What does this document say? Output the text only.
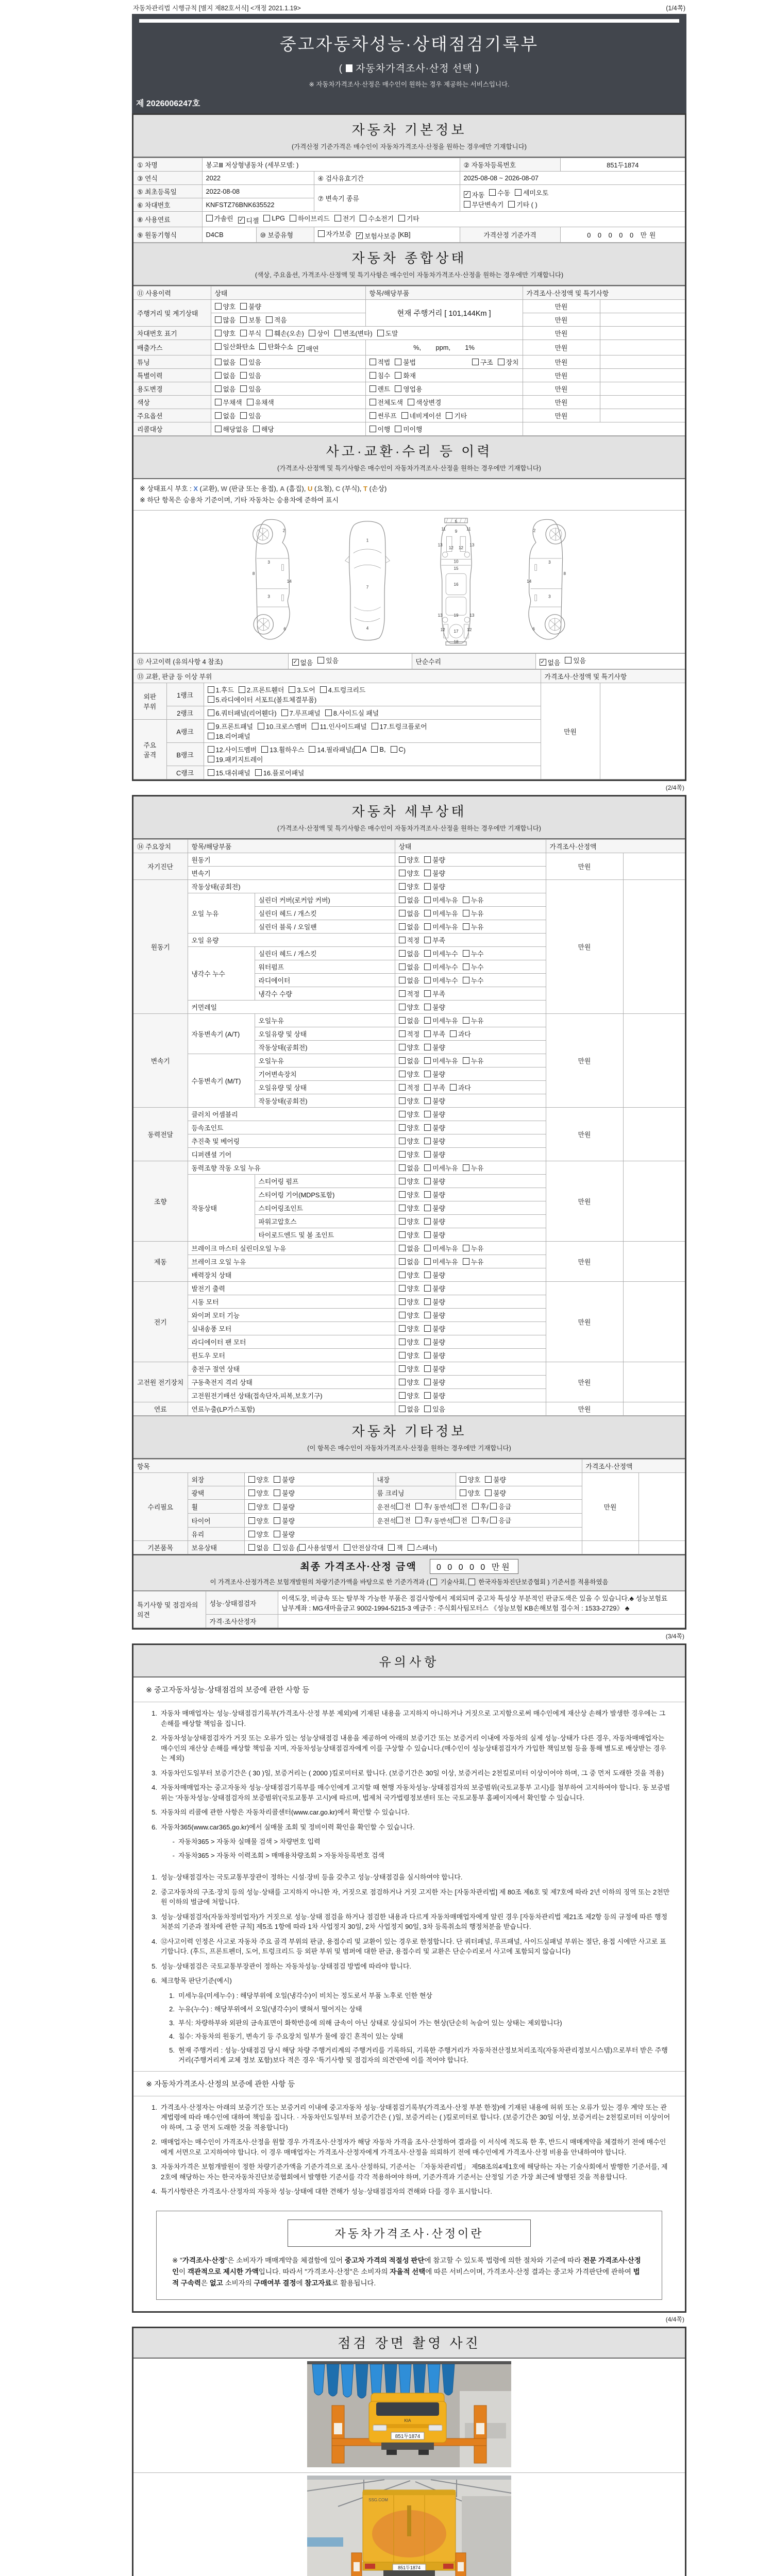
자동차관리법 시행규칙 [별지 제82호서식] <개정 2021.1.19>	(1/4쪽)
중고자동차성능·상태점검기록부
( 자동차가격조사·산정 선택 )
※ 자동차가격조사·산정은 매수인이 원하는 경우 제공하는 서비스입니다.
제 2026006247호
자동차 기본정보
(가격산정 기준가격은 매수인이 자동차가격조사·산정을 원하는 경우에만 기재합니다)
① 차명	봉고Ⅲ 저상형냉동차 (세부모델: )			② 자동차등록번호	851두1874
③ 연식	2022		④ 검사유효기간	2025-08-08 ~ 2026-08-07	
⑤ 최초등록일	2022-08-08	⑦ 변속기 종류	
✓ 자동 수동 세미오토

무단변속기 기타 ( )

⑥ 차대번호	KNFSTZ76BNK635522				
⑧ 사용연료	가솔린 ✓ 디젤 LPG 하이브리드 전기 수소전기 기타

⑨ 원동기형식	D4CB	⑩ 보증유형	자가보증 ✓ 보험사보증 [KB]	가격산정 기준가격	0 0 0 0 0 만원
자동차 종합상태
(색상, 주요옵션, 가격조사·산정액 및 특기사항은 매수인이 자동차가격조사·산정을 원하는 경우에만 기재합니다)
⑪ 사용이력	상태	항목/해당부품	가격조사·산정액 및 특기사항	
주행거리 및 계기상태	양호 불량	현재 주행거리 [ 101,144Km ]	만원	

	많음 보통 적음		만원	
차대번호 표기	양호 부식 훼손(오손) 상이 변조(변타) 도말	만원	
배출가스	일산화탄소 탄화수소 ✓ 매연	%,        ppm,        1%	만원	
튜닝	없음 있음	적법 불법 구조 장치	만원	
특별이력	없음 있음	침수 화재	만원	
용도변경	없음 있음	렌트 영업용	만원	
색상	무채색 유채색	전체도색 색상변경	만원	
주요옵션	없음 있음	썬루프 네비게이션 기타	만원	
리콜대상	해당없음 해당	이행 미이행		

사고·교환·수리 등 이력
(가격조사·산정액 및 특기사항은 매수인이 자동차가격조사·산정을 원하는 경우에만 기재합니다)
※ 상태표시 부호 : X (교환), W (판금 또는 용접), A (흠집), U (요철), C (부식), T (손상)
※ 하단 항목은 승용차 기준이며, 기타 자동차는 승용차에 준하여 표시
2
8
3
14
3
6
1
7
4
5
9
11	11
13	13
12 12
10
15
16
13 19 13
12 17 12
18
2
8
3
14
3
6
⑫ 사고이력 (유의사항 4 참조)	✓ 없음 있음	단순수리	✓ 없음 있음
⑬ 교환, 판금 등 이상 부위			가격조사·산정액 및 특기사항	
외판 부위	1랭크	1.후드 2.프론트휀더 3.도어 4.트렁크리드

5.라디에이터 서포트(볼트체결부품)	만원	
	2랭크	6.쿼터패널(리어휀다) 7.루프패널 8.사이드실 패널		

주요 골격	A랭크	9.프론트패널 10.크로스멤버 11.인사이드패널 17.트렁크플로어

18.리어패널		

B랭크	
12.사이드멤버 13.휠하우스 14.필라패널 ( A B, C )

19.패키지트레이

	C랭크	15.대쉬패널 16.플로어패널		
(2/4쪽)
자동차 세부상태
(가격조사·산정액 및 특기사항은 매수인이 자동차가격조사·산정을 원하는 경우에만 기재합니다)
⑭ 주요장치	항목/해당부품		상태	가격조사·산정액	
자기진단	원동기		양호 불량	만원	
	변속기		양호 불량		

원동기	작동상태(공회전)		양호 불량	만원	
	오일 누유	실린더 커버(로커암 커버)	없음 미세누유 누유		

		실린더 헤드 / 개스킷	없음 미세누유 누유		

		실린더 블록 / 오일팬	없음 미세누유 누유		

	오일 유량		적정 부족		

	냉각수 누수	실린더 헤드 / 개스킷	없음 미세누수 누수		

		워터펌프	없음 미세누수 누수		

		라디에이터	없음 미세누수 누수		

		냉각수 수량	적정 부족		

	커먼레일		양호 불량		

변속기	자동변속기 (A/T)	오일누유	없음 미세누유 누유	만원	
		오일유량 및 상태	적정 부족 과다		

		작동상태(공회전)	양호 불량		

	수동변속기 (M/T)	오일누유	없음 미세누유 누유		

		기어변속장치	양호 불량		

		오일유량 및 상태	적정 부족 과다		

		작동상태(공회전)	양호 불량		

동력전달	클러치 어셈블리		양호 불량	만원	
	등속조인트		양호 불량		

	추진축 및 베어링		양호 불량		

	디퍼렌셜 기어		양호 불량		

조향	동력조향 작동 오일 누유		없음 미세누유 누유	만원	
	작동상태	스티어링 펌프	양호 불량		

		스티어링 기어(MDPS포함)	양호 불량		

		스티어링조인트	양호 불량		

		파워고압호스	양호 불량		

		타이로드엔드 및 볼 조인트	양호 불량		

제동	브레이크 마스터 실린더오일 누유		없음 미세누유 누유	만원	
	브레이크 오일 누유		없음 미세누유 누유		

	배력장치 상태		양호 불량		

전기	발전기 출력		양호 불량	만원	
	시동 모터		양호 불량		

	와이퍼 모터 기능		양호 불량		

	실내송풍 모터		양호 불량		

	라디에이터 팬 모터		양호 불량		

	윈도우 모터		양호 불량		

고전원 전기장치	충전구 절연 상태		양호 불량	만원	
	구동축전지 격리 상태		양호 불량		

	고전원전기배선 상태(접속단자,피복,보호기구)		양호 불량		

연료	연료누출(LP가스포함)		없음 있음	만원	
자동차 기타정보
(이 항목은 매수인이 자동차가격조사·산정을 원하는 경우에만 기재합니다)
항목					가격조사·산정액	
수리필요	외장	양호 불량	내장	양호 불량	만원	
	광택	양호 불량	룸 크리닝	양호 불량		

휠	양호 불량	운전석 전 후 / 동반석 전 후 / 응급

타이어	양호 불량	운전석 전 후 / 동반석 전 후 / 응급

	유리	양호 불량				

기본품목	보유상태	없음 있음 ( 사용설명서 안전삼각대 잭 스패너 )		
최종 가격조사·산정 금액 0 0 0 0 0 만원
이 가격조사·산정가격은 보험개발원의 차량기준가액을 바탕으로 한 기준가격과 ( 기술사회, 한국자동차진단보증협회 ) 기준서를 적용하였음
특기사항 및 점검자의 의견	성능·상태점검자	이색도장, 비금속 또는 탈부착 가능한 부품은 점검사항에서 제외되며 중고차 특성상 부분적인 판금도색은 있을 수 있습니다.♣ 성능보험료 납부계좌 : MG새마을금고 9002-1994-5215-3 예금주 : 주식회사팀모터스 《성능보험 KB손해보험 접수처 : 1533-2729》 ♣
	가격·조사산정자	
(3/4쪽)
유의사항
※ 중고자동차성능·상태점검의 보증에 관한 사항 등
1. 자동차 매매업자는 성능·상태점검기록부(가격조사·산정 부분 제외)에 기재된 내용을 고지하지 아니하거나 거짓으로 고지함으로써 매수인에게 재산상 손해가 발생한 경우에는 그 손해를 배상할 책임을 집니다.
2. 자동차성능상태점검자가 거짓 또는 오류가 있는 성능상태점검 내용을 제공하여 아래의 보증기간 또는 보증거리 이내에 자동차의 실제 성능·상태가 다른 경우, 자동차매매업자는 매수인의 재산상 손해를 배상할 책임을 지며, 자동차성능상태점검자에게 이를 구상할 수 있습니다.(매수인이 성능상태점검자가 가입한 책임보험 등을 통해 별도로 배상받는 경우는 제외)
3. 자동차인도일부터 보증기간은 ( 30 )일, 보증거리는 ( 2000 )킬로미터로 합니다. (보증기간은 30일 이상, 보증거리는 2천킬로미터 이상이어야 하며, 그 중 먼저 도래한 것을 적용)
4. 자동차매매업자는 중고자동차 성능·상태점검기록부를 매수인에게 고지할 때 현행 자동차성능·상태점검자의 보증범위(국토교통부 고시)를 첨부하여 고지하여야 합니다. 동 보증범위는 '자동차성능·상태점검자의 보증범위'(국토교통부 고시)에 따르며, 법제처 국가법령정보센터 또는 국토교통부 홈페이지에서 확인할 수 있습니다.
5. 자동차의 리콜에 관한 사항은 자동차리콜센터(www.car.go.kr)에서 확인할 수 있습니다.
6. 자동차365(www.car365.go.kr)에서 실매물 조회 및 정비이력 확인을 확인할 수 있습니다.
- 자동차365 > 자동차 실매물 검색 > 차량번호 입력
- 자동차365 > 자동차 이력조회 > 매매용차량조회 > 자동차등록번호 검색
1. 성능·상태점검자는 국토교통부장관이 정하는 시설·장비 등을 갖추고 성능·상태점검을 실시하여야 합니다.
2. 중고자동차의 구조·장치 등의 성능·상태를 고지하지 아니한 자, 거짓으로 점검하거나 거짓 고지한 자는 [자동차관리법] 제 80조 제6호 및 제7호에 따라 2년 이하의 징역 또는 2천만원 이하의 벌금에 처합니다.
3. 성능·상태점검자(자동차정비업자)가 거짓으로 성능·상태 점검을 하거나 점검한 내용과 다르게 자동차매매업자에게 알린 경우 [자동차관리법 제21조 제2항 등의 규정에 따른 행정처분의 기준과 절차에 관한 규칙] 제5조 1항에 따라 1차 사업정지 30일, 2차 사업정지 90일, 3차 등록취소의 행정처분을 받습니다.
4. ⑫사고이력 인정은 사고로 자동차 주요 골격 부위의 판금, 용접수리 및 교환이 있는 경우로 한정합니다. 단 쿼터패널, 루프패널, 사이드실패널 부위는 절단, 용접 시에만 사고로 표기합니다. (후드, 프론트펜더, 도어, 트렁크리드 등 외판 부위 및 범퍼에 대한 판금, 용접수리 및 교환은 단순수리로서 사고에 포함되지 않습니다)
5. 성능·상태점검은 국토교통부장관이 정하는 자동차성능·상태점검 방법에 따라야 합니다.
6. 체크항목 판단기준(예시)
1. 미세누유(미세누수) : 해당부위에 오일(냉각수)이 비치는 정도로서 부품 노후로 인한 현상
2. 누유(누수) : 해당부위에서 오일(냉각수)이 맺혀서 떨어지는 상태
3. 부식: 차량하부와 외판의 금속표면이 화학반응에 의해 금속이 아닌 상태로 상실되어 가는 현상(단순히 녹슬어 있는 상태는 제외합니다)
4. 침수: 자동차의 원동기, 변속기 등 주요장치 일부가 물에 잠긴 흔적이 있는 상태
5. 현재 주행거리 : 성능·상태점검 당시 해당 차량 주행거리계의 주행거리를 기록하되, 기록한 주행거리가 자동차전산정보처리조직(자동차관리정보시스템)으로부터 받은 주행거리(주행거리계 교체 정보 포함)보다 적은 경우 '특기사항 및 점검자의 의견'란에 이를 적어야 합니다.
※ 자동차가격조사·산정의 보증에 관한 사항 등
1. 가격조사·산정자는 아래의 보증기간 또는 보증거리 이내에 중고자동차 성능·상태점검기록부(가격조사·산정 부분 한정)에 기재된 내용에 허위 또는 오류가 있는 경우 계약 또는 관계법령에 따라 매수인에 대하여 책임을 집니다. · 자동차인도일부터 보증기간은 ( )일, 보증거리는 ( )킬로미터로 합니다. (보증기간은 30일 이상, 보증거리는 2천킬로미터 이상이어야 하며, 그 중 먼저 도래한 것을 적용합니다)
2. 매매업자는 매수인이 가격조사·산정을 원할 경우 가격조사·산정자가 해당 자동차 가격을 조사·산정하여 결과를 이 서식에 적도록 한 후, 반드시 매매계약을 체결하기 전에 매수인에게 서면으로 고지하여야 합니다. 이 경우 매매업자는 가격조사·산정자에게 가격조사·산정을 의뢰하기 전에 매수인에게 가격조사·산정 비용을 안내하여야 합니다.
3. 자동차가격은 보험개발원이 정한 차량기준가액을 기준가격으로 조사·산정하되, 기준서는 「자동차관리법」 제58조의4제1호에 해당하는 자는 기술사회에서 발행한 기준서를, 제2호에 해당하는 자는 한국자동차진단보증협회에서 발행한 기준서를 각각 적용하여야 하며, 기준가격과 기준서는 산정일 기준 가장 최근에 발행된 것을 적용합니다.
4. 특기사항란은 가격조사·산정자의 자동차 성능·상태에 대한 견해가 성능·상태점검자의 견해와 다를 경우 표시합니다.
자동차가격조사·산정이란
※ "가격조사·산정"은 소비자가 매매계약을 체결함에 있어 중고차 가격의 적절성 판단에 참고할 수 있도록 법령에 의한 절차와 기준에 따라 전문 가격조사·산정인이 객관적으로 제시한 가액입니다. 따라서 "가격조사·산정"은 소비자의 자율적 선택에 따른 서비스이며, 가격조사·산정 결과는 중고차 가격판단에 관하여 법적 구속력은 없고 소비자의 구매여부 결정에 참고자료로 활용됩니다.
(4/4쪽)
점검 장면 촬영 사진
KIA
851두1874
SSG.COM
851두1874
